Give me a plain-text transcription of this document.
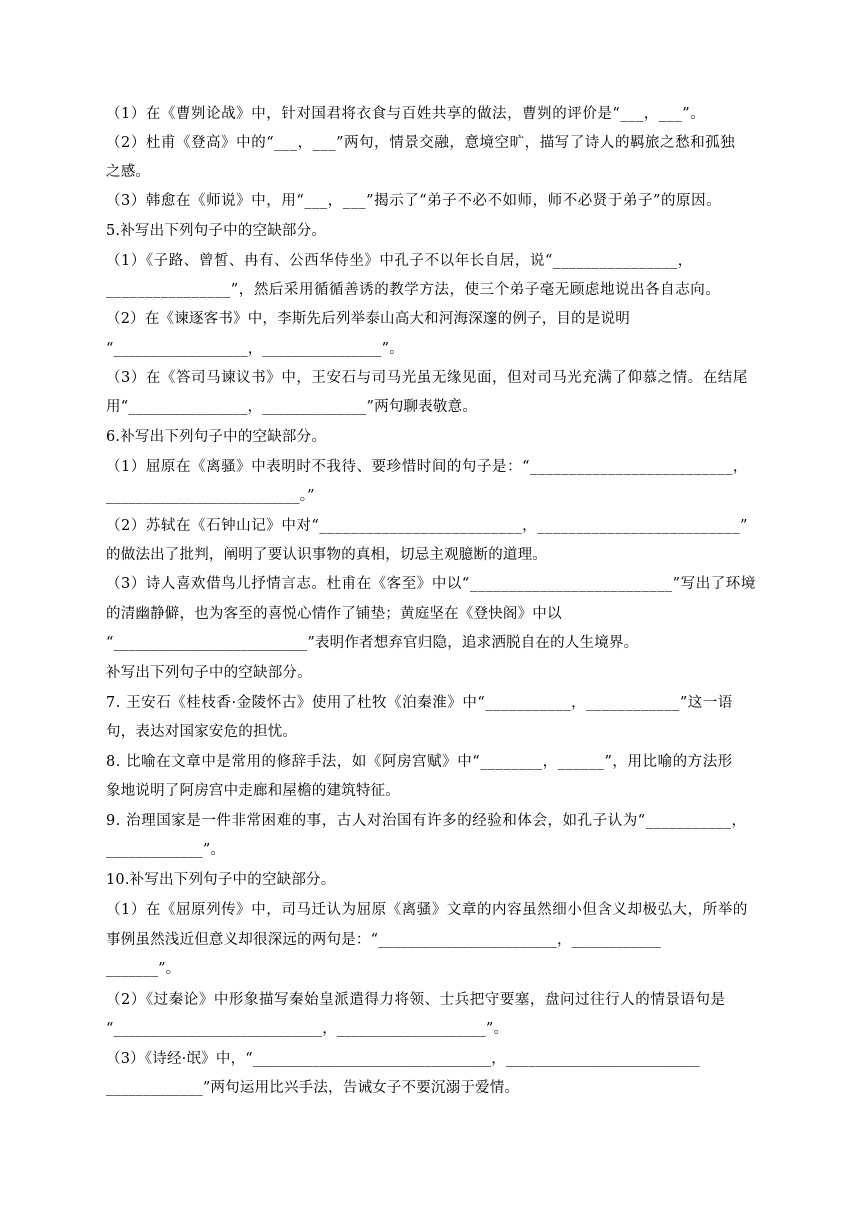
（1）在《曹刿论战》中，针对国君将衣食与百姓共享的做法，曹刿的评价是“___，___”。
（2）杜甫《登高》中的“___，___”两句，情景交融，意境空旷，描写了诗人的羁旅之愁和孤独
之感。
（3）韩愈在《师说》中，用“___，___”揭示了“弟子不必不如师，师不必贤于弟子”的原因。
5.补写出下列句子中的空缺部分。
（1）《子路、曾皙、冉有、公西华侍坐》中孔子不以年长自居，说“________________，
________________”，然后采用循循善诱的教学方法，使三个弟子毫无顾虑地说出各自志向。
（2）在《谏逐客书》中，李斯先后列举泰山高大和河海深邃的例子，目的是说明
“__________________，________________”。
（3）在《答司马谏议书》中，王安石与司马光虽无缘见面，但对司马光充满了仰慕之情。在结尾
用“________________，______________”两句聊表敬意。
6.补写出下列句子中的空缺部分。
（1）屈原在《离骚》中表明时不我待、要珍惜时间的句子是：“__________________________，
__________________________。”
（2）苏轼在《石钟山记》中对“__________________________，__________________________”
的做法出了批判，阐明了要认识事物的真相，切忌主观臆断的道理。
（3）诗人喜欢借鸟儿抒情言志。杜甫在《客至》中以“__________________________”写出了环境
的清幽静僻，也为客至的喜悦心情作了铺垫；黄庭坚在《登快阁》中以
“__________________________”表明作者想弃官归隐，追求洒脱自在的人生境界。
补写出下列句子中的空缺部分。
7. 王安石《桂枝香·金陵怀古》使用了杜牧《泊秦淮》中“___________，____________”这一语
句，表达对国家安危的担忧。
8. 比喻在文章中是常用的修辞手法，如《阿房宫赋》中“________，______”，用比喻的方法形
象地说明了阿房宫中走廊和屋檐的建筑特征。
9. 治理国家是一件非常困难的事，古人对治国有许多的经验和体会，如孔子认为“___________，
_____________”。
10.补写出下列句子中的空缺部分。
（1）在《屈原列传》中，司马迁认为屈原《离骚》文章的内容虽然细小但含义却极弘大，所举的
事例虽然浅近但意义却很深远的两句是：“________________________，____________
_______”。
（2）《过秦论》中形象描写秦始皇派遣得力将领、士兵把守要塞，盘问过往行人的情景语句是
“____________________________，____________________”。
（3）《诗经·氓》中，“________________________________，__________________________
_____________”两句运用比兴手法，告诫女子不要沉溺于爱情。
